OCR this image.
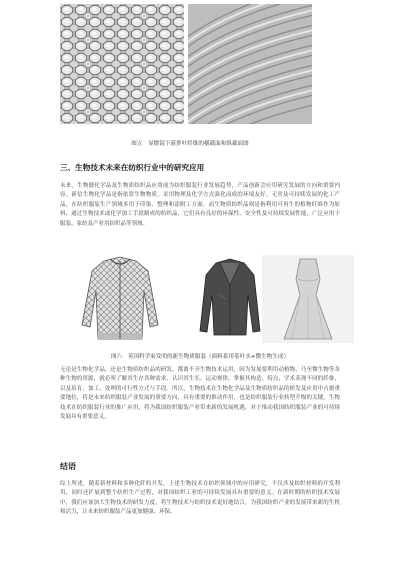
图五　显微镜下菠萝叶纤维的横截面和纵截面图
三、生物技术未来在纺织行业中的研究应用

未来，生物催化学品及生物质纺织品应用成为纺织服装行业发展趋势，产品创新会应用研究发展的方向和重要内容。新信生物化学品是指依靠生物物质，采用物理及化学方式强化而成的环境友好、无害及可持续发展的化工产品，在纺织服装生产领域多用于印染、整理和涂附工方面。而生物质纺织品则是指利用可再生的植物纤维作为原料，通过生物技术或化学加工手段制成的纺织品，它们具有良好的环保性、安全性及可持续发展性能，广泛应用于服装、家纺及产业用纺织品等领域。

图六　英国科学家发明的新生物质服装（面料系用茶叶水+微生物生成）

无论是生物化学品，还是生物质纺织品的研发，都离不开生物技术运用，因为发展要利用动植物、乃至微生物等各种生物的资源，就必须了解其生存各种需求、认识其生长、运动规律，掌握其构造、特点，学术表现不同的纤维，以及培育、加工，处理的可行性方式与手段。所以，生物技术在生物化学品及生物质纺织品的研发及应用中占据重要地位，将是未来纺织服装产业发展的重要方向，具有重要的推动作用，也是纺织服装行业转型升级的关键，生物技术在纺织服装行业的推广应用，将为我国纺织服装产业带来新的发展机遇，对于推动我国纺织服装产业的可持续发展具有重要意义。

结语

综上所述，随着新材料和多种化纤的开发，上述生物技术在纺织领域中的应用研究，不仅涉及纺织材料的开发利用，同时还扩展到整个纺织生产过程，对我国纺织工业的可持续发展具有重要的意义。在新时期的纺织技术发展中，我们应该加大生物技术的研发力度，将生物技术与纺织技术更好地结合，为我国纺织产业的发展带来新的生机和活力，让未来纺织服装产品更加健康、环保。
